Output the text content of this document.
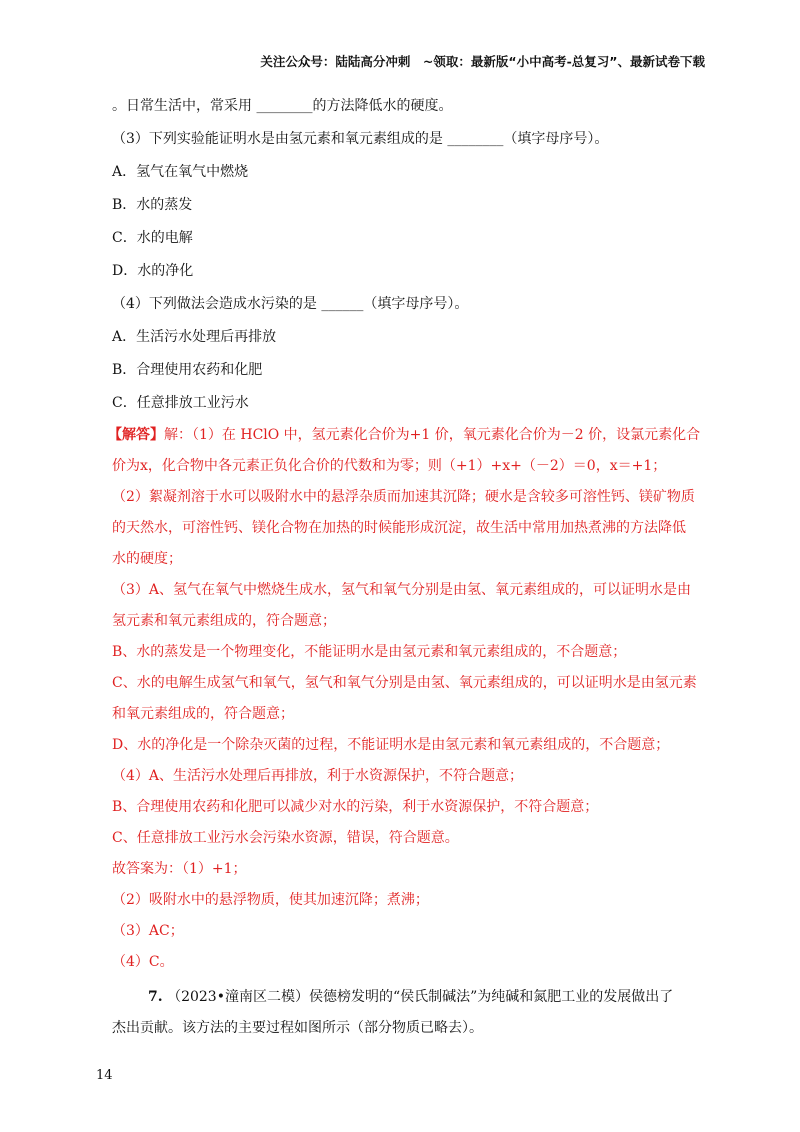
关注公众号：陆陆高分冲刺　~领取：最新版“小中高考-总复习”、最新试卷下载
。日常生活中，常采用 ________的方法降低水的硬度。
（3）下列实验能证明水是由氢元素和氧元素组成的是 ________（填字母序号）。
A．氢气在氧气中燃烧
B．水的蒸发
C．水的电解
D．水的净化
（4）下列做法会造成水污染的是 ______（填字母序号）。
A．生活污水处理后再排放
B．合理使用农药和化肥
C．任意排放工业污水
【解答】解：（1）在 HClO 中，氢元素化合价为+1 价，氧元素化合价为－2 价，设氯元素化合
价为x，化合物中各元素正负化合价的代数和为零；则（+1）+x+（－2）＝0，x＝+1；
（2）絮凝剂溶于水可以吸附水中的悬浮杂质而加速其沉降；硬水是含较多可溶性钙、镁矿物质
的天然水，可溶性钙、镁化合物在加热的时候能形成沉淀，故生活中常用加热煮沸的方法降低
水的硬度；
（3）A、氢气在氧气中燃烧生成水，氢气和氧气分别是由氢、氧元素组成的，可以证明水是由
氢元素和氧元素组成的，符合题意；
B、水的蒸发是一个物理变化，不能证明水是由氢元素和氧元素组成的，不合题意；
C、水的电解生成氢气和氧气，氢气和氧气分别是由氢、氧元素组成的，可以证明水是由氢元素
和氧元素组成的，符合题意；
D、水的净化是一个除杂灭菌的过程，不能证明水是由氢元素和氧元素组成的，不合题意；
（4）A、生活污水处理后再排放，利于水资源保护，不符合题意；
B、合理使用农药和化肥可以减少对水的污染，利于水资源保护，不符合题意；
C、任意排放工业污水会污染水资源，错误，符合题意。
故答案为：（1）+1；
（2）吸附水中的悬浮物质，使其加速沉降；煮沸；
（3）AC；
（4）C。
7. （2023•潼南区二模）侯德榜发明的“侯氏制碱法”为纯碱和氮肥工业的发展做出了
杰出贡献。该方法的主要过程如图所示（部分物质已略去）。
14
